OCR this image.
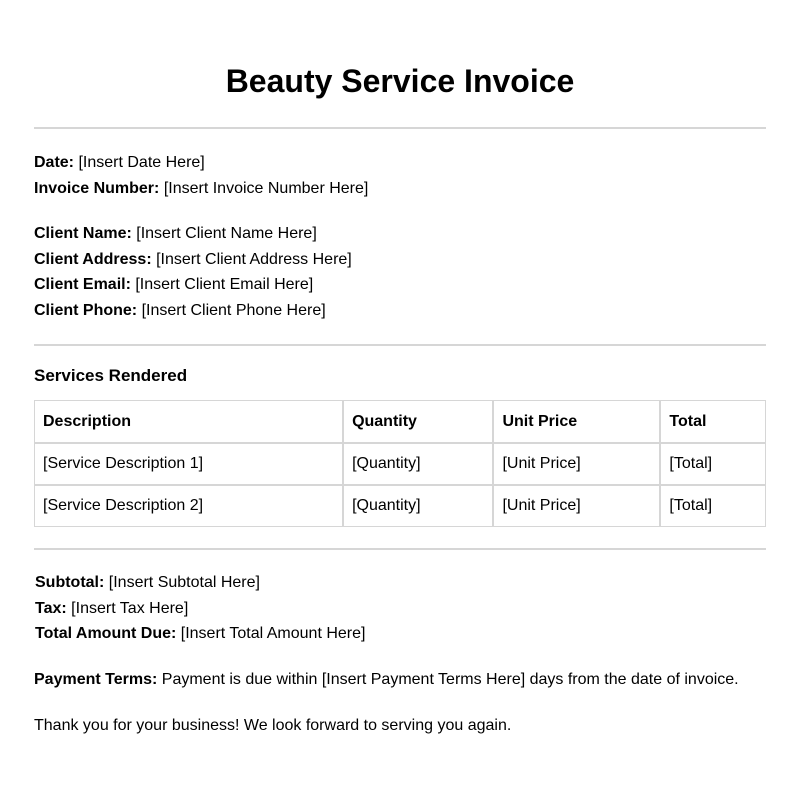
Beauty Service Invoice
Date: [Insert Date Here]
Invoice Number: [Insert Invoice Number Here]
Client Name: [Insert Client Name Here]
Client Address: [Insert Client Address Here]
Client Email: [Insert Client Email Here]
Client Phone: [Insert Client Phone Here]
Services Rendered
Description	Quantity	Unit Price	Total
[Service Description 1]	[Quantity]	[Unit Price]	[Total]
[Service Description 2]	[Quantity]	[Unit Price]	[Total]
Subtotal: [Insert Subtotal Here]
Tax: [Insert Tax Here]
Total Amount Due: [Insert Total Amount Here]
Payment Terms: Payment is due within [Insert Payment Terms Here] days from the date of invoice.
Thank you for your business! We look forward to serving you again.
